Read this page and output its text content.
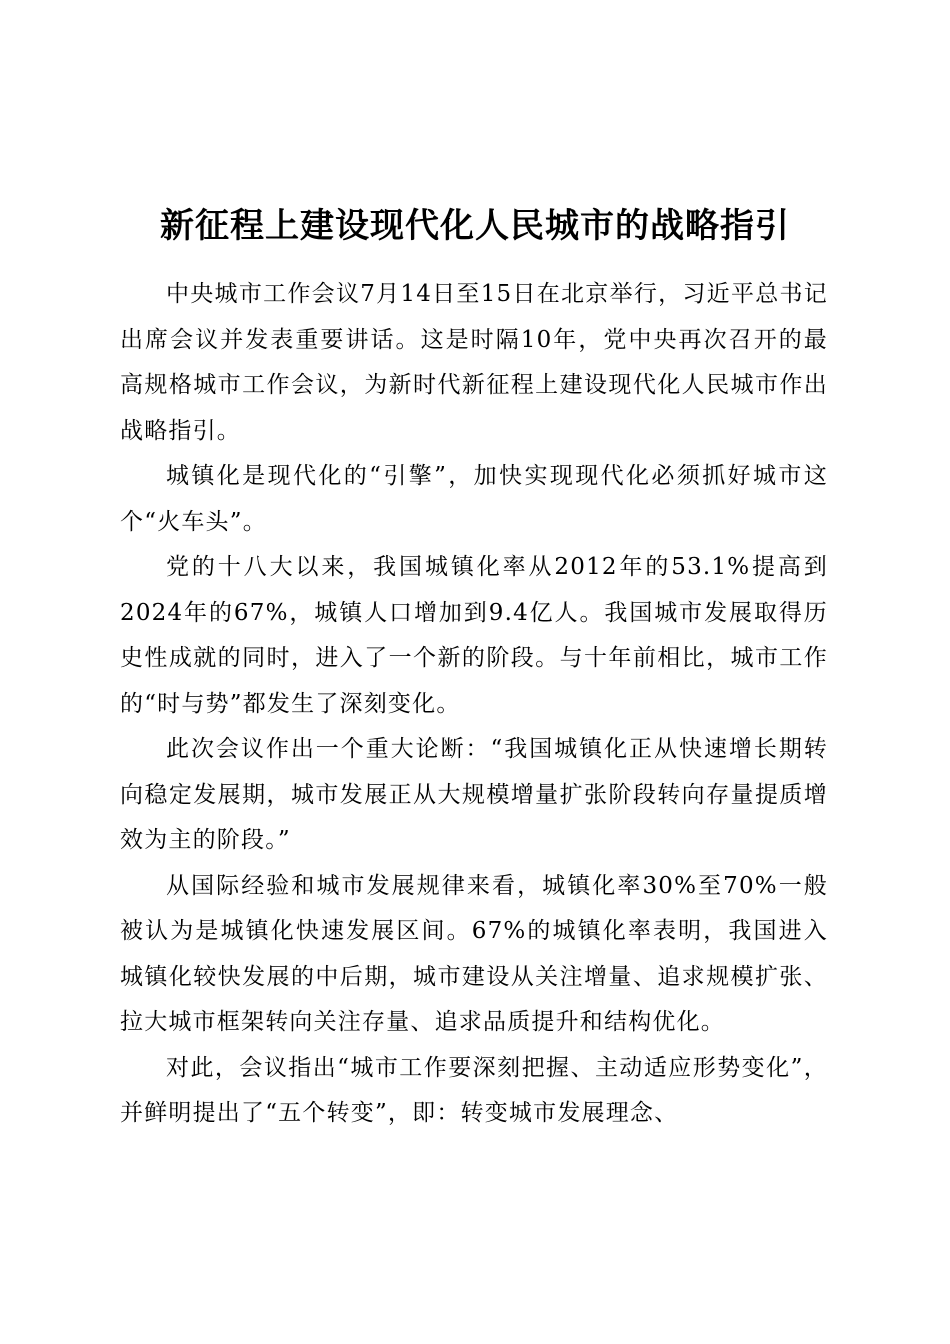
新征程上建设现代化人民城市的战略指引

中央城市工作会议7月14日至15日在北京举行，习近平总书记出席会议并发表重要讲话。这是时隔10年，党中央再次召开的最高规格城市工作会议，为新时代新征程上建设现代化人民城市作出战略指引。

城镇化是现代化的“引擎”，加快实现现代化必须抓好城市这个“火车头”。

党的十八大以来，我国城镇化率从2012年的53.1%提高到2024年的67%，城镇人口增加到9.4亿人。我国城市发展取得历史性成就的同时，进入了一个新的阶段。与十年前相比，城市工作的“时与势”都发生了深刻变化。

此次会议作出一个重大论断：“我国城镇化正从快速增长期转向稳定发展期，城市发展正从大规模增量扩张阶段转向存量提质增效为主的阶段。”

从国际经验和城市发展规律来看，城镇化率30%至70%一般被认为是城镇化快速发展区间。67%的城镇化率表明，我国进入城镇化较快发展的中后期，城市建设从关注增量、追求规模扩张、拉大城市框架转向关注存量、追求品质提升和结构优化。

对此，会议指出“城市工作要深刻把握、主动适应形势变化”，并鲜明提出了“五个转变”，即：转变城市发展理念、
